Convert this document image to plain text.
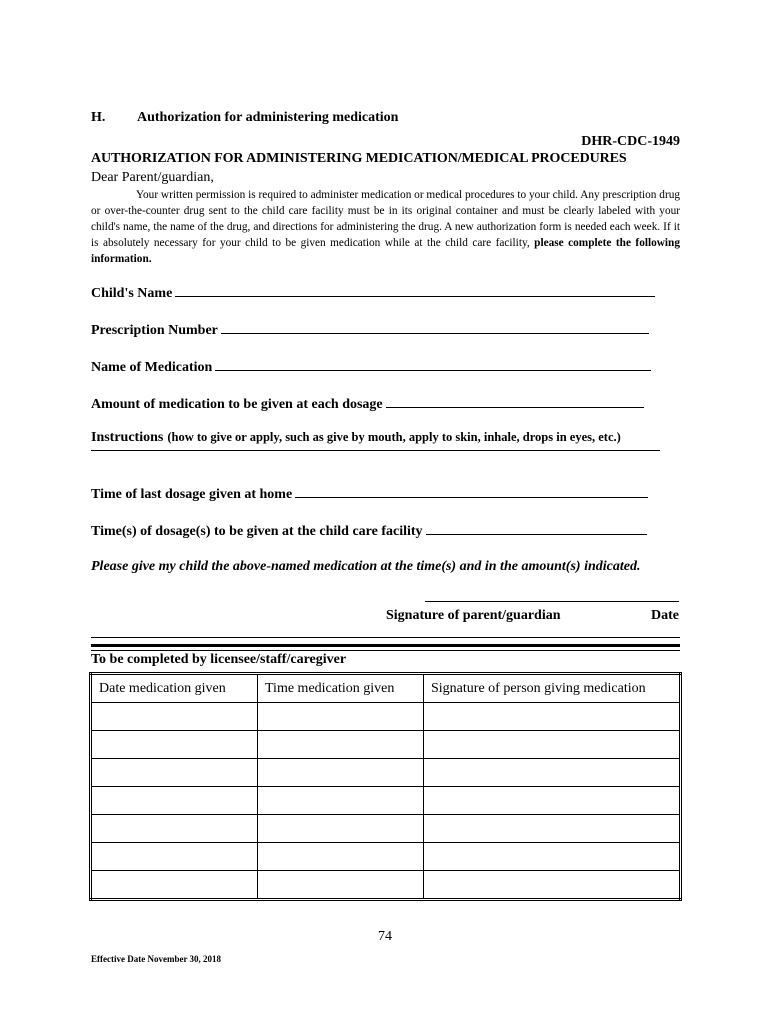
H. Authorization for administering medication
DHR-CDC-1949
AUTHORIZATION FOR ADMINISTERING MEDICATION/MEDICAL PROCEDURES
Dear Parent/guardian,

Your written permission is required to administer medication or medical procedures to your child. Any prescription drug or over-the-counter drug sent to the child care facility must be in its original container and must be clearly labeled with your child's name, the name of the drug, and directions for administering the drug. A new authorization form is needed each week. If it is absolutely necessary for your child to be given medication while at the child care facility, please complete the following information.

Child's Name
Prescription Number
Name of Medication
Amount of medication to be given at each dosage
Instructions (how to give or apply, such as give by mouth, apply to skin, inhale, drops in eyes, etc.)
Time of last dosage given at home
Time(s) of dosage(s) to be given at the child care facility
Please give my child the above-named medication at the time(s) and in the amount(s) indicated.
Signature of parent/guardian	Date
To be completed by licensee/staff/caregiver
Date medication given	Time medication given	Signature of person giving medication

74
Effective Date November 30, 2018
